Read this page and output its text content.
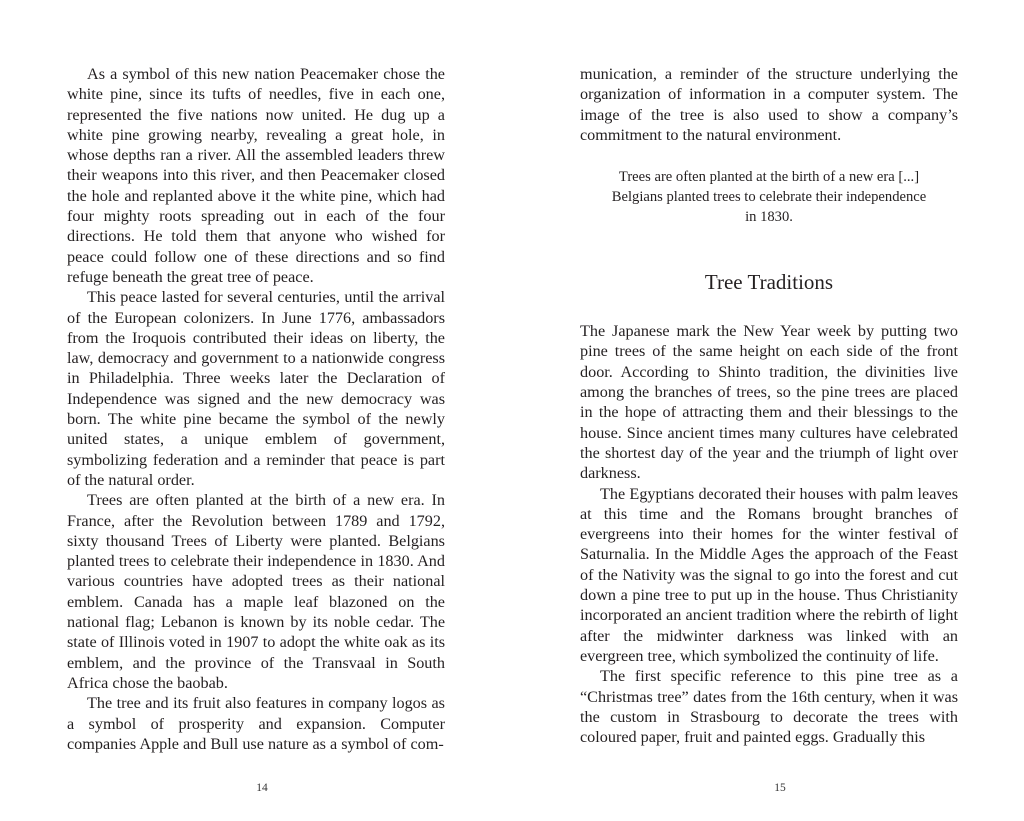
As a symbol of this new nation Peacemaker chose the white pine, since its tufts of needles, five in each one, represented the five nations now united. He dug up a white pine growing nearby, revealing a great hole, in whose depths ran a river. All the assembled leaders threw their weapons into this river, and then Peacemaker closed the hole and replanted above it the white pine, which had four mighty roots spreading out in each of the four directions. He told them that anyone who wished for peace could follow one of these directions and so find refuge beneath the great tree of peace.

This peace lasted for several centuries, until the arrival of the European colonizers. In June 1776, ambassadors from the Iroquois contributed their ideas on liberty, the law, democracy and government to a nationwide congress in Philadelphia. Three weeks later the Declaration of Independence was signed and the new democracy was born. The white pine became the symbol of the newly united states, a unique emblem of government, symbolizing federation and a reminder that peace is part of the natural order.

Trees are often planted at the birth of a new era. In France, after the Revolution between 1789 and 1792, sixty thousand Trees of Liberty were planted. Belgians planted trees to celebrate their independence in 1830. And various countries have adopted trees as their national emblem. Canada has a maple leaf blazoned on the national flag; Lebanon is known by its noble cedar. The state of Illinois voted in 1907 to adopt the white oak as its emblem, and the province of the Transvaal in South Africa chose the baobab.

The tree and its fruit also features in company logos as a symbol of prosperity and expansion. Computer companies Apple and Bull use nature as a symbol of com-

14

munication, a reminder of the structure underlying the organization of information in a computer system. The image of the tree is also used to show a company’s commitment to the natural environment.

Trees are often planted at the birth of a new era [...]
Belgians planted trees to celebrate their independence
in 1830.
Tree Traditions

The Japanese mark the New Year week by putting two pine trees of the same height on each side of the front door. According to Shinto tradition, the divinities live among the branches of trees, so the pine trees are placed in the hope of attracting them and their blessings to the house. Since ancient times many cultures have celebrated the shortest day of the year and the triumph of light over darkness.

The Egyptians decorated their houses with palm leaves at this time and the Romans brought branches of evergreens into their homes for the winter festival of Saturnalia. In the Middle Ages the approach of the Feast of the Nativity was the signal to go into the forest and cut down a pine tree to put up in the house. Thus Christianity incorporated an ancient tradition where the rebirth of light after the midwinter darkness was linked with an evergreen tree, which symbolized the continuity of life.

The first specific reference to this pine tree as a “Christmas tree” dates from the 16th century, when it was the custom in Strasbourg to decorate the trees with coloured paper, fruit and painted eggs. Gradually this

15
